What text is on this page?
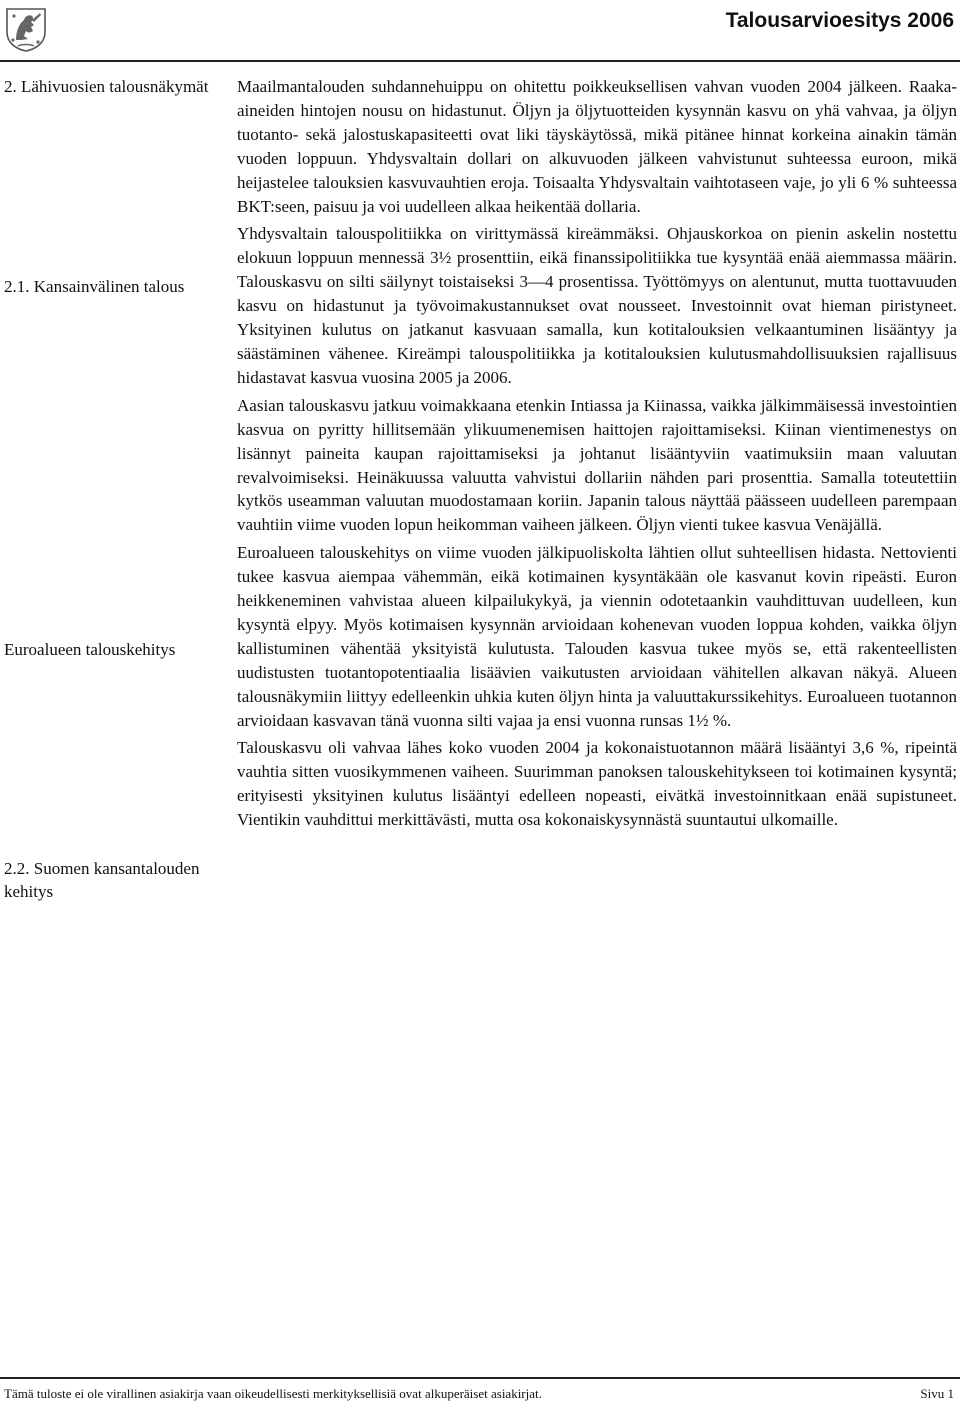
Talousarvioesitys 2006
2. Lähivuosien talousnäkymät
2.1. Kansainvälinen talous
Euroalueen talouskehitys
2.2. Suomen kansantalouden kehitys

Maailmantalouden suhdannehuippu on ohitettu poikkeuksellisen vahvan vuoden 2004 jälkeen. Raaka-aineiden hintojen nousu on hidastunut. Öljyn ja öljytuotteiden kysynnän kasvu on yhä vahvaa, ja öljyn tuotanto- sekä jalostuskapasiteetti ovat liki täyskäytössä, mikä pitänee hinnat korkeina ainakin tämän vuoden loppuun. Yhdysvaltain dollari on alkuvuoden jälkeen vahvistunut suhteessa euroon, mikä heijastelee talouksien kasvuvauhtien eroja. Toisaalta Yhdysvaltain vaihtotaseen vaje, jo yli 6 % suhteessa BKT:seen, paisuu ja voi uudelleen alkaa heikentää dollaria.

Yhdysvaltain talouspolitiikka on virittymässä kireämmäksi. Ohjauskorkoa on pienin askelin nostettu elokuun loppuun mennessä 3½ prosenttiin, eikä finanssipolitiikka tue kysyntää enää aiemmassa määrin. Talouskasvu on silti säilynyt toistaiseksi 3—4 prosentissa. Työttömyys on alentunut, mutta tuottavuuden kasvu on hidastunut ja työvoimakustannukset ovat nousseet. Investoinnit ovat hieman piristyneet. Yksityinen kulutus on jatkanut kasvuaan samalla, kun kotitalouksien velkaantuminen lisääntyy ja säästäminen vähenee. Kireämpi talouspolitiikka ja kotitalouksien kulutusmahdollisuuksien rajallisuus hidastavat kasvua vuosina 2005 ja 2006.

Aasian talouskasvu jatkuu voimakkaana etenkin Intiassa ja Kiinassa, vaikka jälkimmäisessä investointien kasvua on pyritty hillitsemään ylikuumenemisen haittojen rajoittamiseksi. Kiinan vientimenestys on lisännyt paineita kaupan rajoittamiseksi ja johtanut lisääntyviin vaatimuksiin maan valuutan revalvoimiseksi. Heinäkuussa valuutta vahvistui dollariin nähden pari prosenttia. Samalla toteutettiin kytkös useamman valuutan muodostamaan koriin. Japanin talous näyttää päässeen uudelleen parempaan vauhtiin viime vuoden lopun heikomman vaiheen jälkeen. Öljyn vienti tukee kasvua Venäjällä.

Euroalueen talouskehitys on viime vuoden jälkipuoliskolta lähtien ollut suhteellisen hidasta. Nettovienti tukee kasvua aiempaa vähemmän, eikä kotimainen kysyntäkään ole kasvanut kovin ripeästi. Euron heikkeneminen vahvistaa alueen kilpailukykyä, ja viennin odotetaankin vauhdittuvan uudelleen, kun kysyntä elpyy. Myös kotimaisen kysynnän arvioidaan kohenevan vuoden loppua kohden, vaikka öljyn kallistuminen vähentää yksityistä kulutusta. Talouden kasvua tukee myös se, että rakenteellisten uudistusten tuotantopotentiaalia lisäävien vaikutusten arvioidaan vähitellen alkavan näkyä. Alueen talousnäkymiin liittyy edelleenkin uhkia kuten öljyn hinta ja valuuttakurssikehitys. Euroalueen tuotannon arvioidaan kasvavan tänä vuonna silti vajaa ja ensi vuonna runsas 1½ %.

Talouskasvu oli vahvaa lähes koko vuoden 2004 ja kokonaistuotannon määrä lisääntyi 3,6 %, ripeintä vauhtia sitten vuosikymmenen vaiheen. Suurimman panoksen talouskehitykseen toi kotimainen kysyntä; erityisesti yksityinen kulutus lisääntyi edelleen nopeasti, eivätkä investoinnitkaan enää supistuneet. Vientikin vauhdittui merkittävästi, mutta osa kokonaiskysynnästä suuntautui ulkomaille.

Tämä tuloste ei ole virallinen asiakirja vaan oikeudellisesti merkityksellisiä ovat alkuperäiset asiakirjat.	Sivu 1
